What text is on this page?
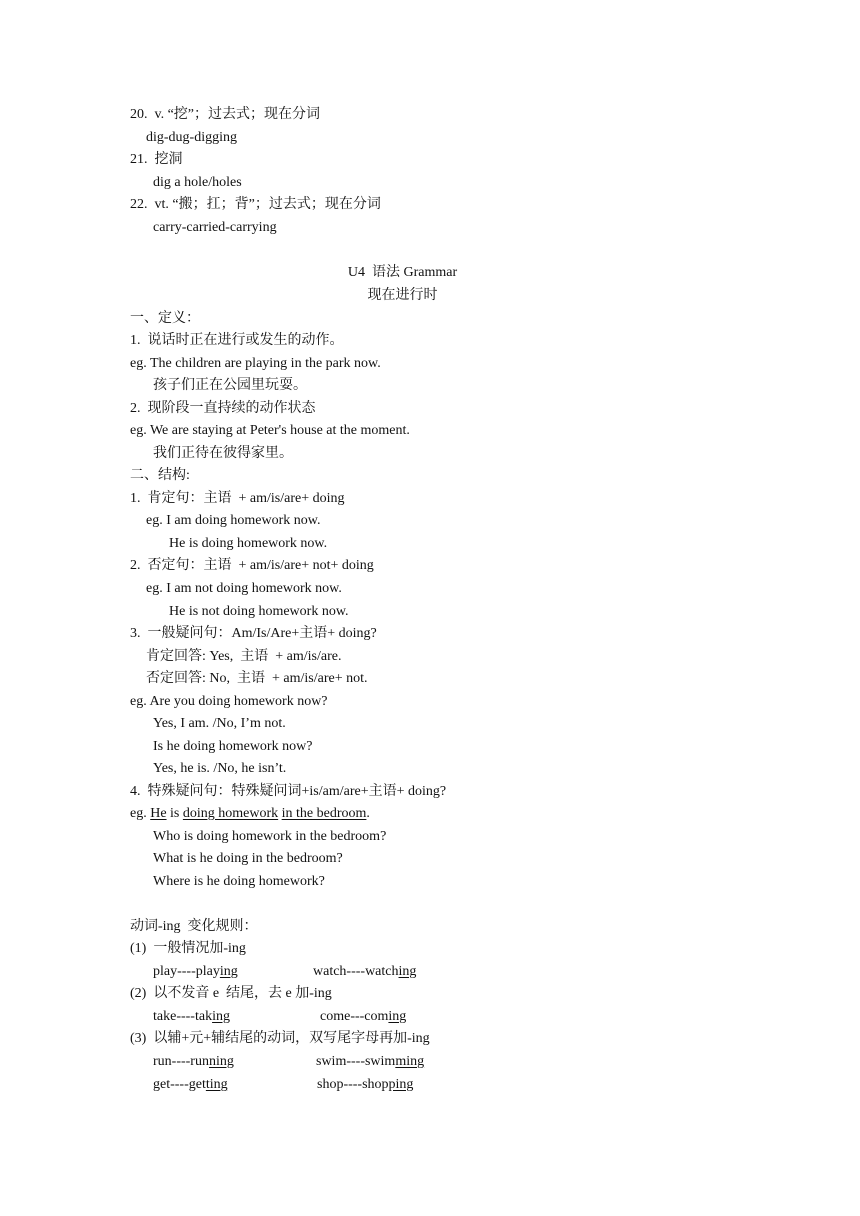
20.  v. “挖”；过去式；现在分词
dig-dug-digging
21.  挖洞
dig a hole/holes
22.  vt. “搬；扛；背”；过去式；现在分词
carry-carried-carrying
U4  语法 Grammar
现在进行时
一、定义：
1.  说话时正在进行或发生的动作。
eg. The children are playing in the park now.
孩子们正在公园里玩耍。
2.  现阶段一直持续的动作状态
eg. We are staying at Peter's house at the moment.
我们正待在彼得家里。
二、结构:
1.  肯定句：主语  + am/is/are+ doing
eg. I am doing homework now.
He is doing homework now.
2.  否定句：主语  + am/is/are+ not+ doing
eg. I am not doing homework now.
He is not doing homework now.
3.  一般疑问句：Am/Is/Are+主语+ doing?
肯定回答: Yes,  主语  + am/is/are.
否定回答: No,  主语  + am/is/are+ not.
eg. Are you doing homework now?
Yes, I am. /No, I’m not.
Is he doing homework now?
Yes, he is. /No, he isn’t.
4.  特殊疑问句：特殊疑问词+is/am/are+主语+ doing?
eg. He is doing homework in the bedroom.
Who is doing homework in the bedroom?
What is he doing in the bedroom?
Where is he doing homework?
动词-ing  变化规则：
(1)  一般情况加-ing
play----playing	watch----watching
(2)  以不发音 e  结尾，去 e 加-ing
take----taking	come---coming
(3)  以辅+元+辅结尾的动词，双写尾字母再加-ing
run----running	swim----swimming
get----getting	shop----shopping
